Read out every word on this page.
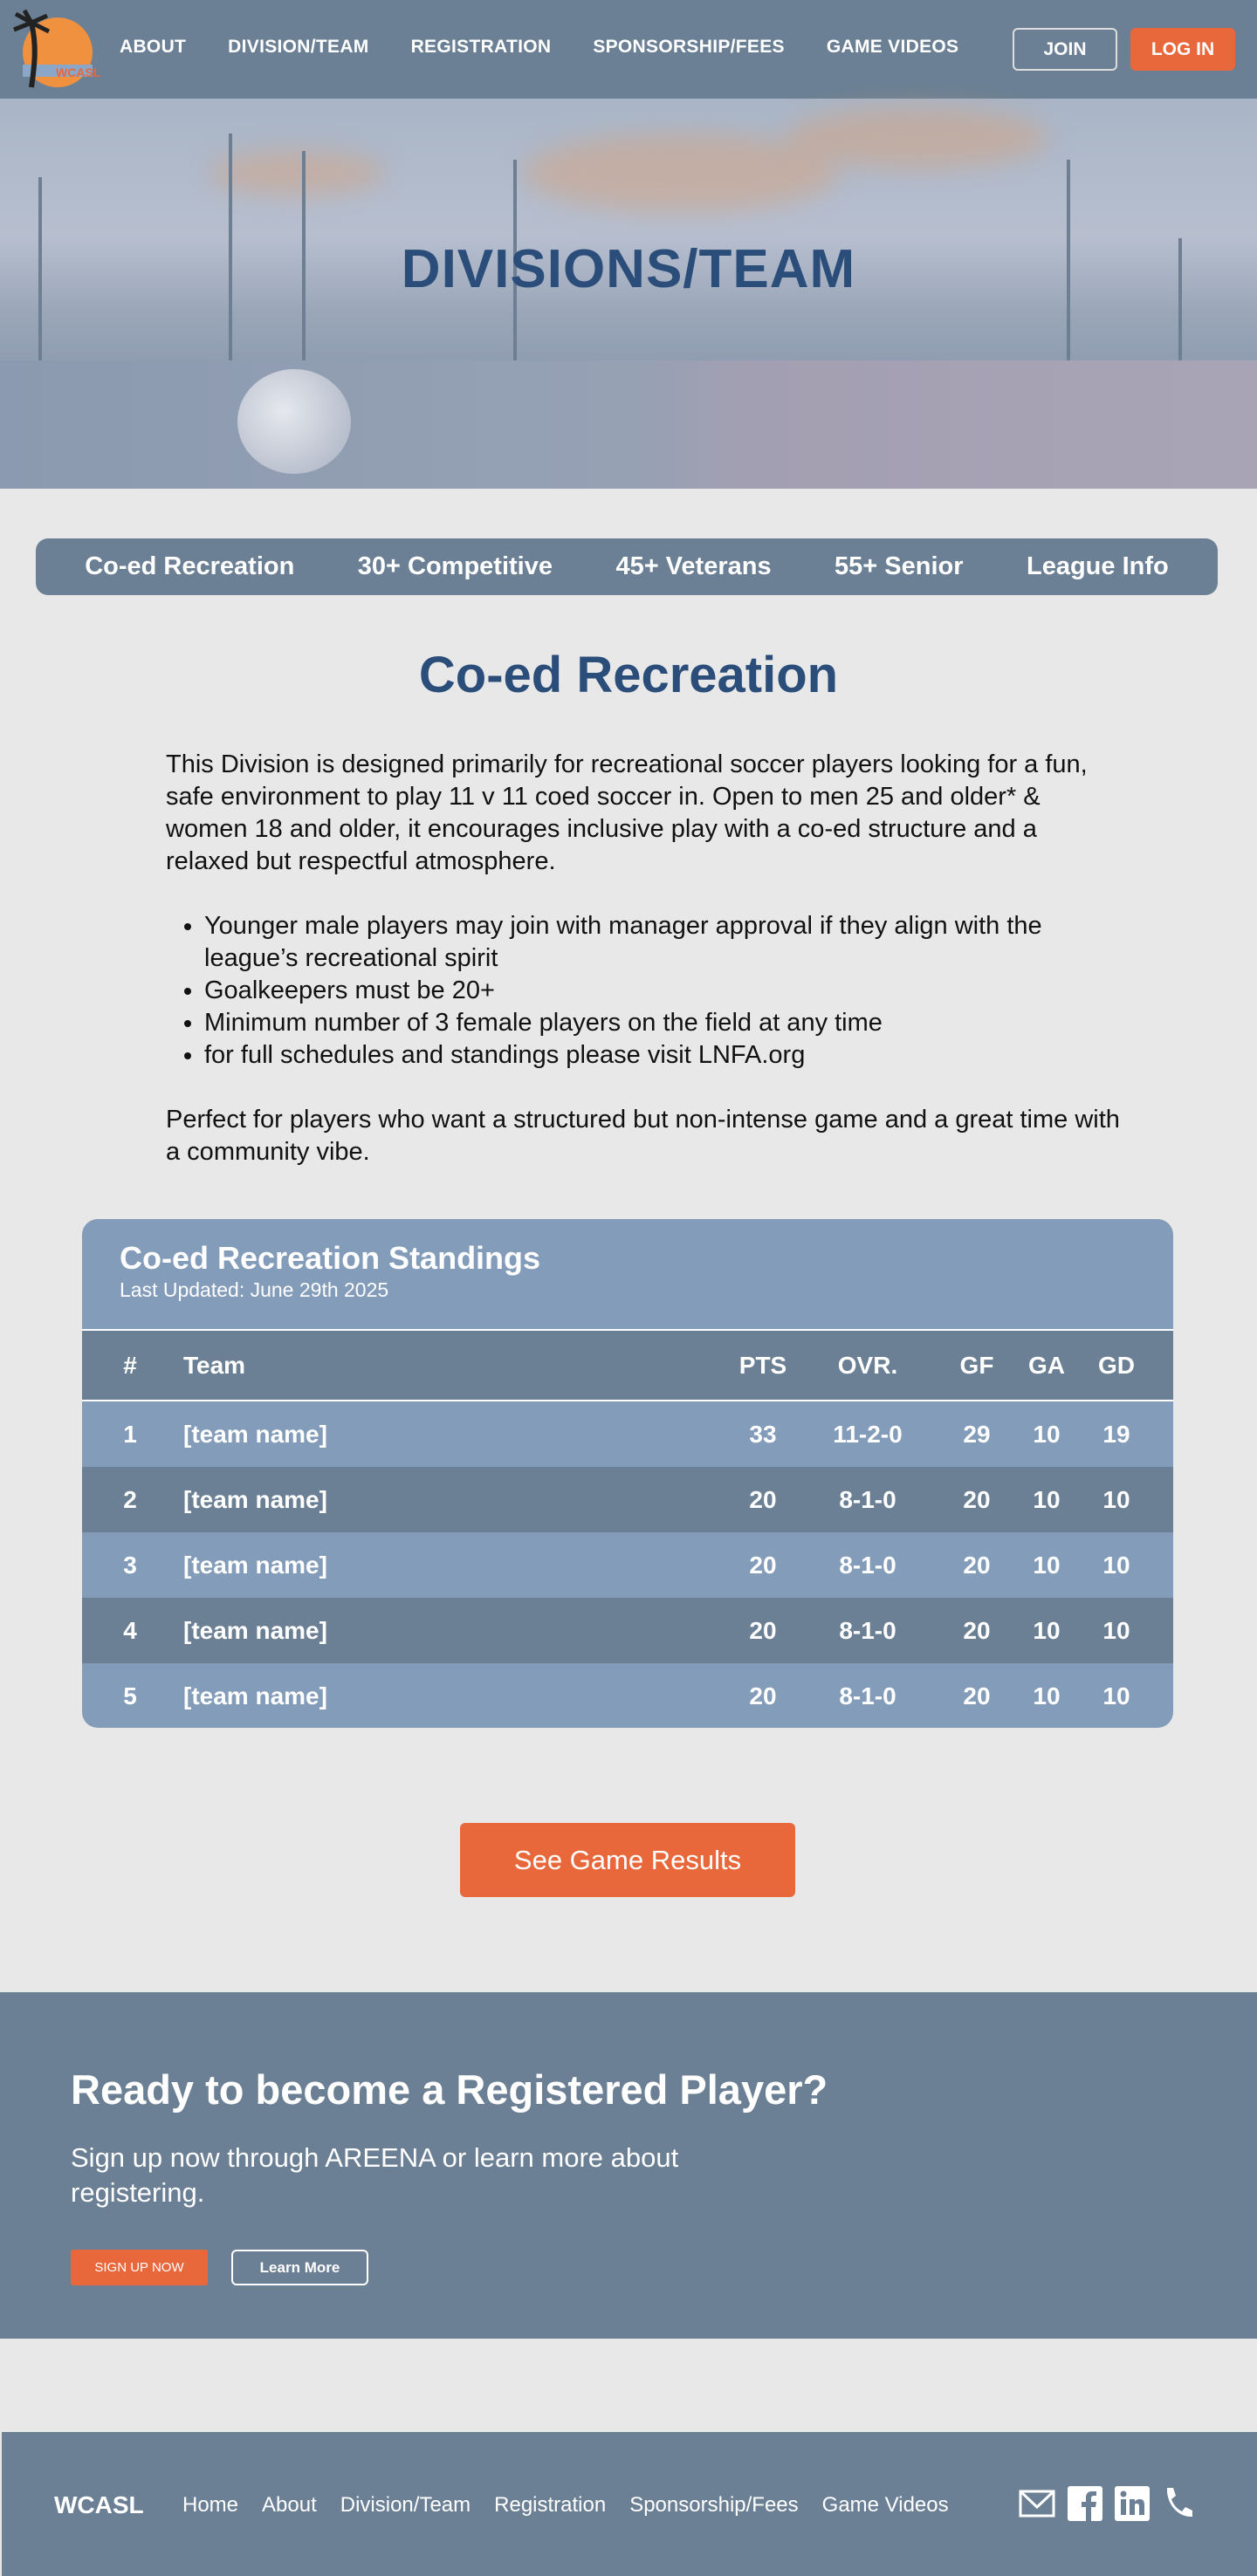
WCASL
ABOUT DIVISION/TEAM REGISTRATION SPONSORSHIP/FEES GAME VIDEOS	JOIN	LOG IN
DIVISIONS/TEAM
Co-ed Recreation 30+ Competitive 45+ Veterans 55+ Senior League Info
Co-ed Recreation

This Division is designed primarily for recreational soccer players looking for a fun, safe environment to play 11 v 11 coed soccer in. Open to men 25 and older* & women 18 and older, it encourages inclusive play with a co-ed structure and a relaxed but respectful atmosphere.

• Younger male players may join with manager approval if they align with the league’s recreational spirit
• Goalkeepers must be 20+
• Minimum number of 3 female players on the field at any time
• for full schedules and standings please visit LNFA.org

Perfect for players who want a structured but non-intense game and a great time with a community vibe.

Co-ed Recreation Standings

Last Updated: June 29th 2025

# Team	PTS	OVR.	GF	GA	GD
1 [team name]	33	11-2-0	29	10	19
2 [team name]	20	8-1-0	20	10	10
3 [team name]	20	8-1-0	20	10	10
4 [team name]	20	8-1-0	20	10	10
5 [team name]	20	8-1-0	20	10	10
See Game Results
Ready to become a Registered Player?

Sign up now through AREENA or learn more about registering.

SIGN UP NOW	Learn More
WCASL Home About Division/Team Registration Sponsorship/Fees Game Videos
